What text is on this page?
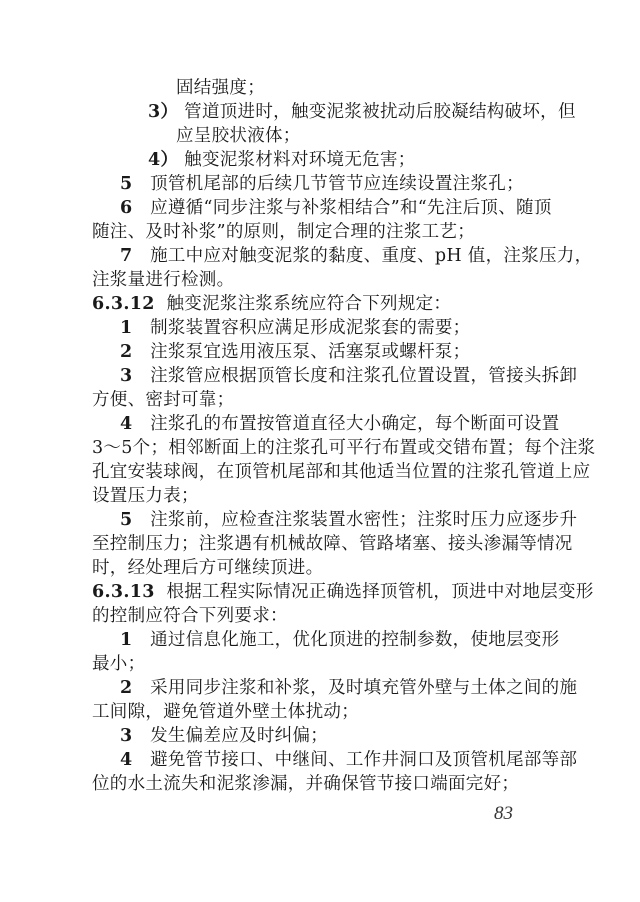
固结强度；
3） 管道顶进时，触变泥浆被扰动后胶凝结构破坏，但
应呈胶状液体；
4） 触变泥浆材料对环境无危害；
5 顶管机尾部的后续几节管节应连续设置注浆孔；
6 应遵循“同步注浆与补浆相结合”和“先注后顶、随顶
随注、及时补浆”的原则，制定合理的注浆工艺；
7 施工中应对触变泥浆的黏度、重度、pH 值，注浆压力，
注浆量进行检测。
6.3.12 触变泥浆注浆系统应符合下列规定：
1 制浆装置容积应满足形成泥浆套的需要；
2 注浆泵宜选用液压泵、活塞泵或螺杆泵；
3 注浆管应根据顶管长度和注浆孔位置设置，管接头拆卸
方便、密封可靠；
4 注浆孔的布置按管道直径大小确定，每个断面可设置
3～5个；相邻断面上的注浆孔可平行布置或交错布置；每个注浆
孔宜安装球阀，在顶管机尾部和其他适当位置的注浆孔管道上应
设置压力表；
5 注浆前，应检查注浆装置水密性；注浆时压力应逐步升
至控制压力；注浆遇有机械故障、管路堵塞、接头渗漏等情况
时，经处理后方可继续顶进。
6.3.13 根据工程实际情况正确选择顶管机，顶进中对地层变形
的控制应符合下列要求：
1 通过信息化施工，优化顶进的控制参数，使地层变形
最小；
2 采用同步注浆和补浆，及时填充管外壁与土体之间的施
工间隙，避免管道外壁土体扰动；
3 发生偏差应及时纠偏；
4 避免管节接口、中继间、工作井洞口及顶管机尾部等部
位的水土流失和泥浆渗漏，并确保管节接口端面完好；
83
